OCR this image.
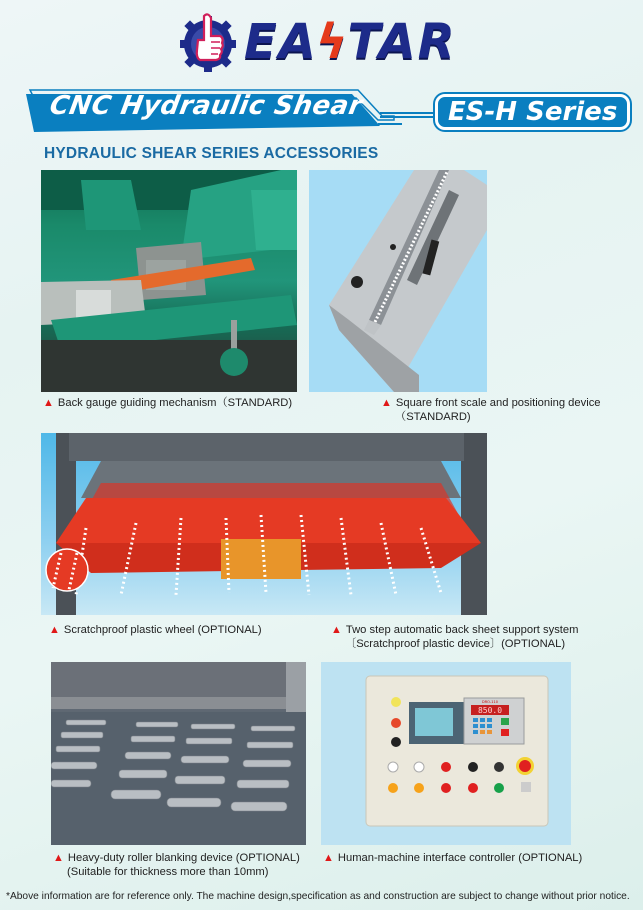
EA
ϟ
TAR
CNC Hydraulic Shear	ES-H Series
HYDRAULIC SHEAR SERIES ACCESSORIES
850.0
DRO-110
▲ Back gauge guiding mechanism（STANDARD)	▲ Square front scale and positioning device
（STANDARD)
▲ Scratchproof plastic wheel (OPTIONAL)	▲ Two step automatic back sheet support system
〔Scratchproof plastic device〕(OPTIONAL)
▲ Heavy-duty roller blanking device (OPTIONAL)
(Suitable for thickness more than 10mm)
▲ Human-machine interface controller (OPTIONAL)
*Above information are for reference only. The machine design,specification as and construction are subject to change without prior notice.
